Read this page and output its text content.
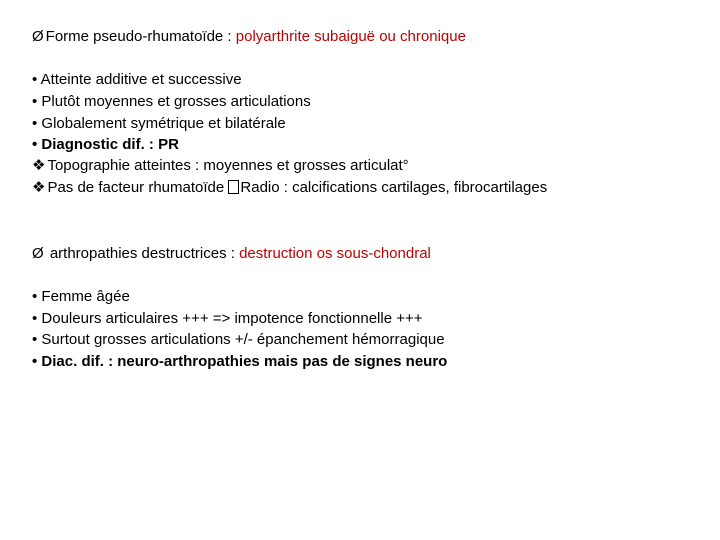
Ø Forme pseudo-rhumatoïde : polyarthrite subaiguë ou chronique
• Atteinte additive et successive
• Plutôt moyennes et grosses articulations
• Globalement symétrique et bilatérale
• Diagnostic dif. : PR
❖ Topographie atteintes : moyennes et grosses articulat°
❖ Pas de facteur rhumatoïde Radio : calcifications cartilages, fibrocartilages
Ø arthropathies destructrices : destruction os sous-chondral
• Femme âgée
• Douleurs articulaires +++ => impotence fonctionnelle +++
• Surtout grosses articulations +/- épanchement hémorragique
• Diac. dif. : neuro-arthropathies mais pas de signes neuro
